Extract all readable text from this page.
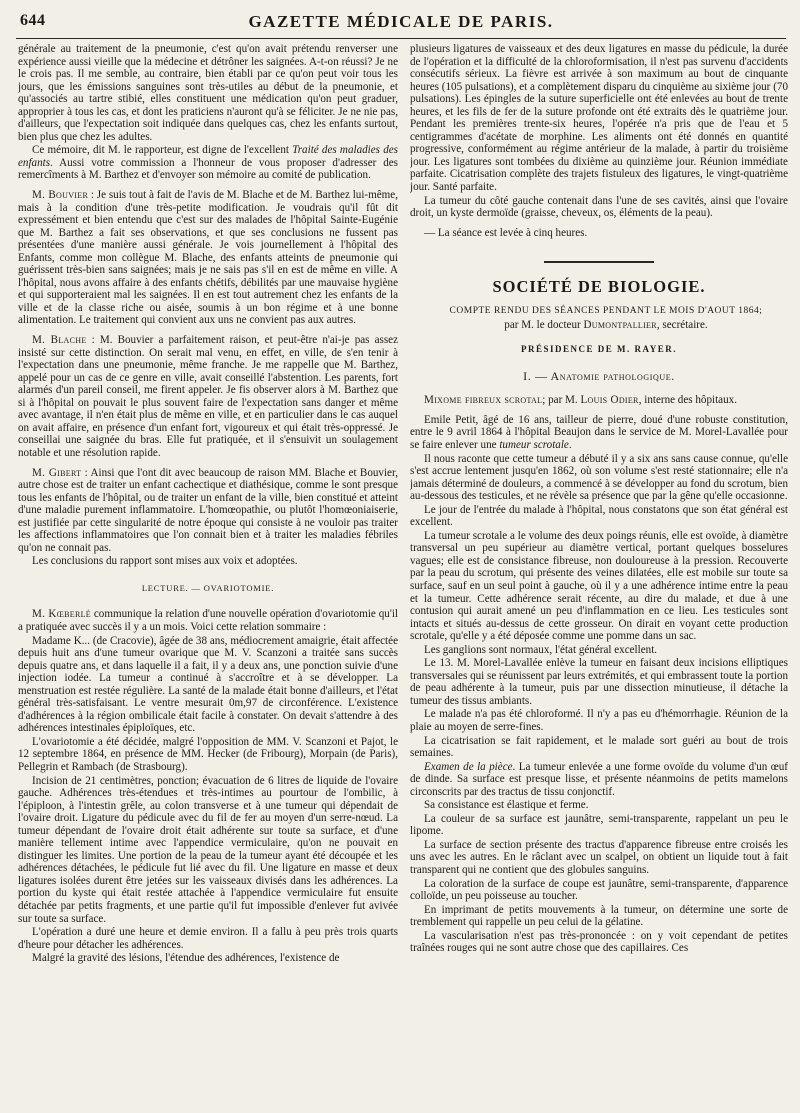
644	GAZETTE MÉDICALE DE PARIS.

générale au traitement de la pneumonie, c'est qu'on avait prétendu renverser une expérience aussi vieille que la médecine et détrôner les saignées. A-t-on réussi? Je ne le crois pas. Il me semble, au contraire, bien établi par ce qu'on peut voir tous les jours, que les émissions sanguines sont très-utiles au début de la pneumonie, et qu'associés au tartre stibié, elles constituent une médication qu'on peut graduer, approprier à tous les cas, et dont les praticiens n'auront qu'à se féliciter. Je ne nie pas, d'ailleurs, que l'expectation soit indiquée dans quelques cas, chez les enfants surtout, bien plus que chez les adultes.

Ce mémoire, dit M. le rapporteur, est digne de l'excellent Traité des maladies des enfants. Aussi votre commission a l'honneur de vous proposer d'adresser des remercîments à M. Barthez et d'envoyer son mémoire au comité de publication.

M. Bouvier : Je suis tout à fait de l'avis de M. Blache et de M. Barthez lui-même, mais à la condition d'une très-petite modification. Je voudrais qu'il fût dit expressément et bien entendu que c'est sur des malades de l'hôpital Sainte-Eugénie que M. Barthez a fait ses observations, et que ses conclusions ne fussent pas présentées d'une manière aussi générale. Je vois journellement à l'hôpital des Enfants, comme mon collègue M. Blache, des enfants atteints de pneumonie qui guérissent très-bien sans saignées; mais je ne sais pas s'il en est de même en ville. A l'hôpital, nous avons affaire à des enfants chétifs, débilités par une mauvaise hygiène et qui supporteraient mal les saignées. Il en est tout autrement chez les enfants de la ville et de la classe riche ou aisée, soumis à un bon régime et à une bonne alimentation. Le traitement qui convient aux uns ne convient pas aux autres.

M. Blache : M. Bouvier a parfaitement raison, et peut-être n'ai-je pas assez insisté sur cette distinction. On serait mal venu, en effet, en ville, de s'en tenir à l'expectation dans une pneumonie, même franche. Je me rappelle que M. Barthez, appelé pour un cas de ce genre en ville, avait conseillé l'abstention. Les parents, fort alarmés d'un pareil conseil, me firent appeler. Je fis observer alors à M. Barthez que si à l'hôpital on pouvait le plus souvent faire de l'expectation sans danger et même avec avantage, il n'en était plus de même en ville, et en particulier dans le cas auquel on avait affaire, en présence d'un enfant fort, vigoureux et qui était très-oppressé. Je conseillai une saignée du bras. Elle fut pratiquée, et il s'ensuivit un soulagement notable et une résolution rapide.

M. Gibert : Ainsi que l'ont dit avec beaucoup de raison MM. Blache et Bouvier, autre chose est de traiter un enfant cachectique et diathésique, comme le sont presque tous les enfants de l'hôpital, ou de traiter un enfant de la ville, bien constitué et atteint d'une maladie purement inflammatoire. L'homœopathie, ou plutôt l'homœoniaiserie, est justifiée par cette singularité de notre époque qui consiste à ne vouloir pas traiter les affections inflammatoires que l'on connait bien et à traiter les maladies fébriles qu'on ne connait pas.

Les conclusions du rapport sont mises aux voix et adoptées.

LECTURE. — OVARIOTOMIE.

M. Kœberlé communique la relation d'une nouvelle opération d'ovariotomie qu'il a pratiquée avec succès il y a un mois. Voici cette relation sommaire :

Madame K... (de Cracovie), âgée de 38 ans, médiocrement amaigrie, était affectée depuis huit ans d'une tumeur ovarique que M. V. Scanzoni a traitée sans succès depuis quatre ans, et dans laquelle il a fait, il y a deux ans, une ponction suivie d'une injection iodée. La tumeur a continué à s'accroître et à se développer. La menstruation est restée régulière. La santé de la malade était bonne d'ailleurs, et l'état général très-satisfaisant. Le ventre mesurait 0m,97 de circonférence. L'existence d'adhérences à la région ombilicale était facile à constater. On devait s'attendre à des adhérences intestinales épiploïques, etc.

L'ovariotomie a été décidée, malgré l'opposition de MM. V. Scanzoni et Pajot, le 12 septembre 1864, en présence de MM. Hecker (de Fribourg), Morpain (de Paris), Pellegrin et Rambach (de Strasbourg).

Incision de 21 centimètres, ponction; évacuation de 6 litres de liquide de l'ovaire gauche. Adhérences très-étendues et très-intimes au pourtour de l'ombilic, à l'épiploon, à l'intestin grêle, au colon transverse et à une tumeur qui dépendait de l'ovaire droit. Ligature du pédicule avec du fil de fer au moyen d'un serre-nœud. La tumeur dépendant de l'ovaire droit était adhérente sur toute sa surface, et d'une manière tellement intime avec l'appendice vermiculaire, qu'on ne pouvait en distinguer les limites. Une portion de la peau de la tumeur ayant été découpée et les adhérences détachées, le pédicule fut lié avec du fil. Une ligature en masse et deux ligatures isolées durent être jetées sur les vaisseaux divisés dans les adhérences. La portion du kyste qui était restée attachée à l'appendice vermiculaire fut ensuite détachée par petits fragments, et une partie qu'il fut impossible d'enlever fut avivée sur toute sa surface.

L'opération a duré une heure et demie environ. Il a fallu à peu près trois quarts d'heure pour détacher les adhérences.

Malgré la gravité des lésions, l'étendue des adhérences, l'existence de

plusieurs ligatures de vaisseaux et des deux ligatures en masse du pédicule, la durée de l'opération et la difficulté de la chloroformisation, il n'est pas survenu d'accidents consécutifs sérieux. La fièvre est arrivée à son maximum au bout de cinquante heures (105 pulsations), et a complètement disparu du cinquième au sixième jour (70 pulsations). Les épingles de la suture superficielle ont été enlevées au bout de trente heures, et les fils de fer de la suture profonde ont été extraits dès le quatrième jour. Pendant les premières trente-six heures, l'opérée n'a pris que de l'eau et 5 centigrammes d'acétate de morphine. Les aliments ont été donnés en quantité progressive, conformément au régime antérieur de la malade, à partir du troisième jour. Les ligatures sont tombées du dixième au quinzième jour. Réunion immédiate parfaite. Cicatrisation complète des trajets fistuleux des ligatures, le vingt-quatrième jour. Santé parfaite.

La tumeur du côté gauche contenait dans l'une de ses cavités, ainsi que l'ovaire droit, un kyste dermoïde (graisse, cheveux, os, éléments de la peau).

— La séance est levée à cinq heures.

SOCIÉTÉ DE BIOLOGIE.

COMPTE RENDU DES SÉANCES PENDANT LE MOIS D'AOUT 1864;

par M. le docteur Dumontpallier, secrétaire.

PRÉSIDENCE DE M. RAYER.
I. — Anatomie pathologique.

Mixome fibreux scrotal; par M. Louis Odier, interne des hôpitaux.

Emile Petit, âgé de 16 ans, tailleur de pierre, doué d'une robuste constitution, entre le 9 avril 1864 à l'hôpital Beaujon dans le service de M. Morel-Lavallée pour se faire enlever une tumeur scrotale.

Il nous raconte que cette tumeur a débuté il y a six ans sans cause connue, qu'elle s'est accrue lentement jusqu'en 1862, où son volume s'est resté stationnaire; elle n'a jamais déterminé de douleurs, a commencé à se développer au fond du scrotum, bien au-dessous des testicules, et ne révèle sa présence que par la gêne qu'elle occasionne.

Le jour de l'entrée du malade à l'hôpital, nous constatons que son état général est excellent.

La tumeur scrotale a le volume des deux poings réunis, elle est ovoïde, à diamètre transversal un peu supérieur au diamètre vertical, portant quelques bosselures vagues; elle est de consistance fibreuse, non douloureuse à la pression. Recouverte par la peau du scrotum, qui présente des veines dilatées, elle est mobile sur toute sa surface, sauf en un seul point à gauche, où il y a une adhérence intime entre la peau et la tumeur. Cette adhérence serait récente, au dire du malade, et due à une contusion qui aurait amené un peu d'inflammation en ce lieu. Les testicules sont intacts et situés au-dessus de cette grosseur. On dirait en voyant cette production scrotale, qu'elle y a été déposée comme une pomme dans un sac.

Les ganglions sont normaux, l'état général excellent.

Le 13. M. Morel-Lavallée enlève la tumeur en faisant deux incisions elliptiques transversales qui se réunissent par leurs extrémités, et qui embrassent toute la portion de peau adhérente à la tumeur, puis par une dissection minutieuse, il détache la tumeur des tissus ambiants.

Le malade n'a pas été chloroformé. Il n'y a pas eu d'hémorrhagie. Réunion de la plaie au moyen de serre-fines.

La cicatrisation se fait rapidement, et le malade sort guéri au bout de trois semaines.

Examen de la pièce. La tumeur enlevée a une forme ovoïde du volume d'un œuf de dinde. Sa surface est presque lisse, et présente néanmoins de petits mamelons circonscrits par des tractus de tissu conjonctif.

Sa consistance est élastique et ferme.

La couleur de sa surface est jaunâtre, semi-transparente, rappelant un peu le lipome.

La surface de section présente des tractus d'apparence fibreuse entre croisés les uns avec les autres. En le râclant avec un scalpel, on obtient un liquide tout à fait transparent qui ne contient que des globules sanguins.

La coloration de la surface de coupe est jaunâtre, semi-transparente, d'apparence colloïde, un peu poisseuse au toucher.

En imprimant de petits mouvements à la tumeur, on détermine une sorte de tremblement qui rappelle un peu celui de la gélatine.

La vascularisation n'est pas très-prononcée : on y voit cependant de petites traînées rouges qui ne sont autre chose que des capillaires. Ces
